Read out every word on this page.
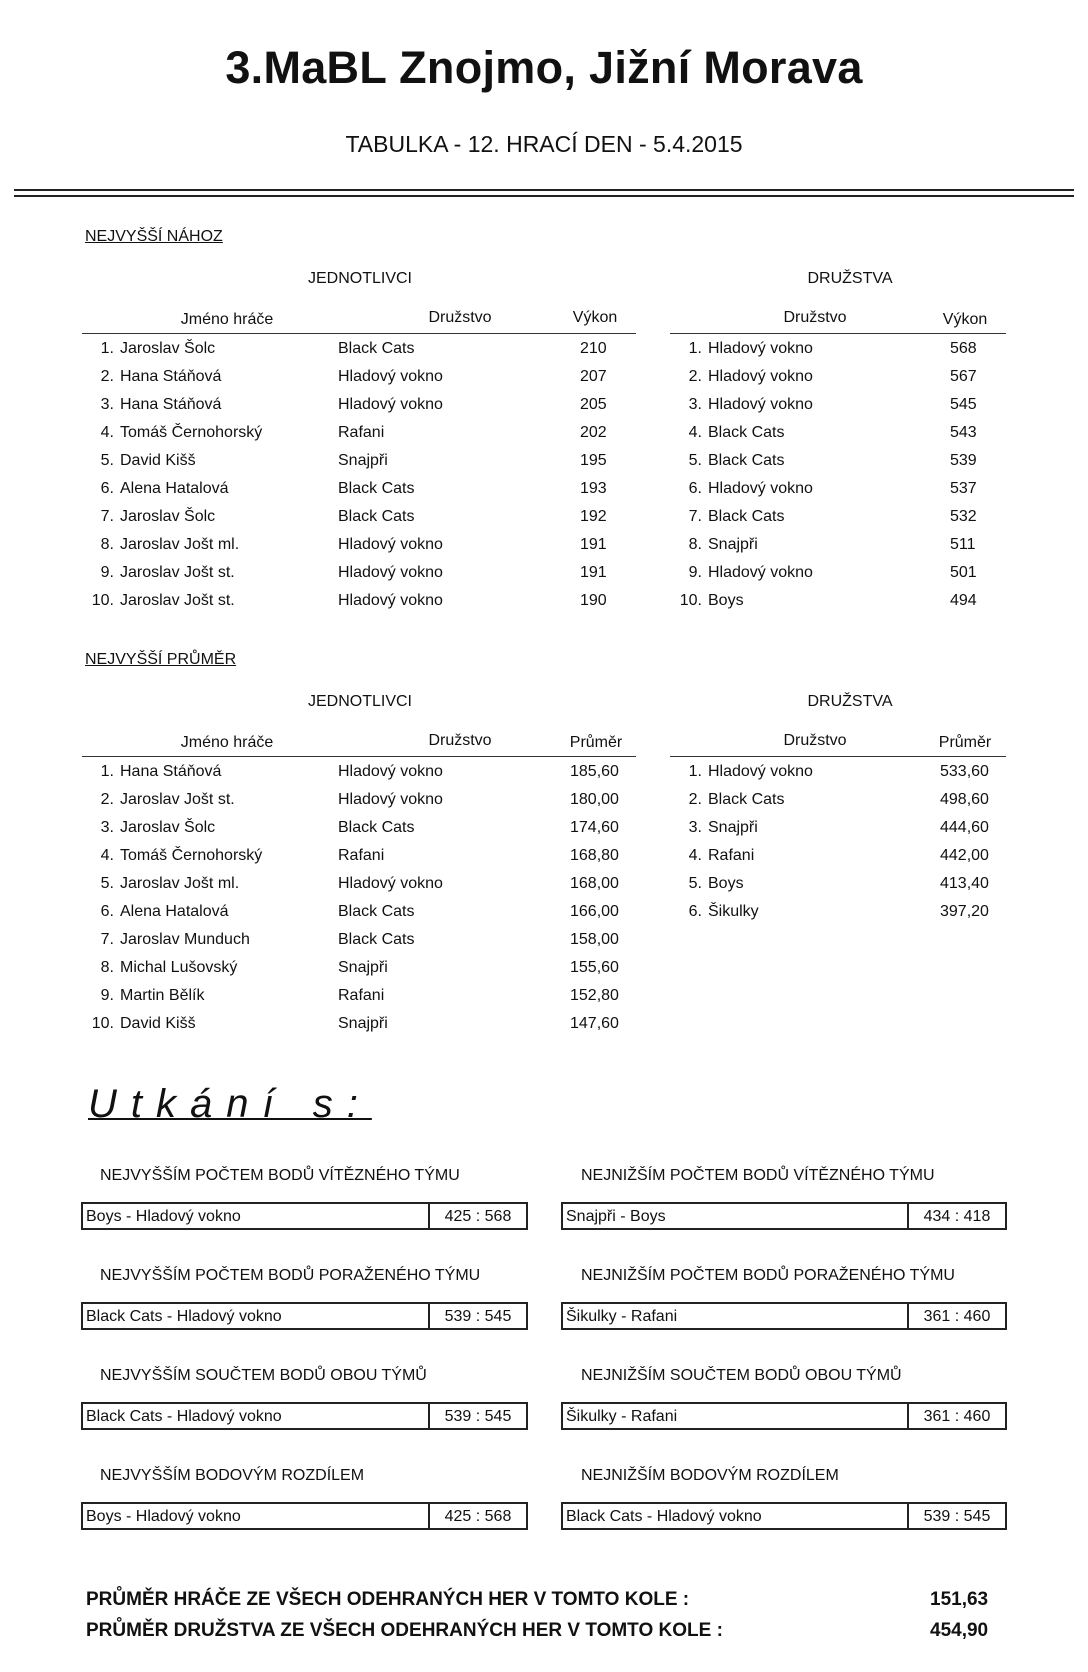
3.MaBL Znojmo, Jižní Morava
TABULKA - 12. HRACÍ DEN - 5.4.2015
NEJVYŠŠÍ NÁHOZ
JEDNOTLIVCI	DRUŽSTVA
Jméno hráče	Družstvo	Výkon	Družstvo	Výkon
1. Jaroslav Šolc	Black Cats	210
2. Hana Stáňová	Hladový vokno	207
3. Hana Stáňová	Hladový vokno	205
4. Tomáš Černohorský	Rafani	202
5. David Kišš	Snajpři	195
6. Alena Hatalová	Black Cats	193
7. Jaroslav Šolc	Black Cats	192
8. Jaroslav Jošt ml.	Hladový vokno	191
9. Jaroslav Jošt st.	Hladový vokno	191
10. Jaroslav Jošt st.	Hladový vokno	190
1. Hladový vokno	568
2. Hladový vokno	567
3. Hladový vokno	545
4. Black Cats	543
5. Black Cats	539
6. Hladový vokno	537
7. Black Cats	532
8. Snajpři	511
9. Hladový vokno	501
10. Boys	494
NEJVYŠŠÍ PRŮMĚR
JEDNOTLIVCI	DRUŽSTVA
Jméno hráče	Družstvo	Průměr	Družstvo	Průměr
1. Hana Stáňová	Hladový vokno	185,60
2. Jaroslav Jošt st.	Hladový vokno	180,00
3. Jaroslav Šolc	Black Cats	174,60
4. Tomáš Černohorský	Rafani	168,80
5. Jaroslav Jošt ml.	Hladový vokno	168,00
6. Alena Hatalová	Black Cats	166,00
7. Jaroslav Munduch	Black Cats	158,00
8. Michal Lušovský	Snajpři	155,60
9. Martin Bělík	Rafani	152,80
10. David Kišš	Snajpři	147,60
1. Hladový vokno	533,60
2. Black Cats	498,60
3. Snajpři	444,60
4. Rafani	442,00
5. Boys	413,40
6. Šikulky	397,20
Utkání s:
NEJVYŠŠÍM POČTEM BODŮ VÍTĚZNÉHO TÝMU
Boys - Hladový vokno	425 : 568
NEJNIŽŠÍM POČTEM BODŮ VÍTĚZNÉHO TÝMU
Snajpři - Boys	434 : 418
NEJVYŠŠÍM POČTEM BODŮ PORAŽENÉHO TÝMU
Black Cats - Hladový vokno	539 : 545
NEJNIŽŠÍM POČTEM BODŮ PORAŽENÉHO TÝMU
Šikulky - Rafani	361 : 460
NEJVYŠŠÍM SOUČTEM BODŮ OBOU TÝMŮ
Black Cats - Hladový vokno	539 : 545
NEJNIŽŠÍM SOUČTEM BODŮ OBOU TÝMŮ
Šikulky - Rafani	361 : 460
NEJVYŠŠÍM BODOVÝM ROZDÍLEM
Boys - Hladový vokno	425 : 568
NEJNIŽŠÍM BODOVÝM ROZDÍLEM
Black Cats - Hladový vokno	539 : 545
PRŮMĚR HRÁČE ZE VŠECH ODEHRANÝCH HER V TOMTO KOLE :	151,63
PRŮMĚR DRUŽSTVA ZE VŠECH ODEHRANÝCH HER V TOMTO KOLE :	454,90
